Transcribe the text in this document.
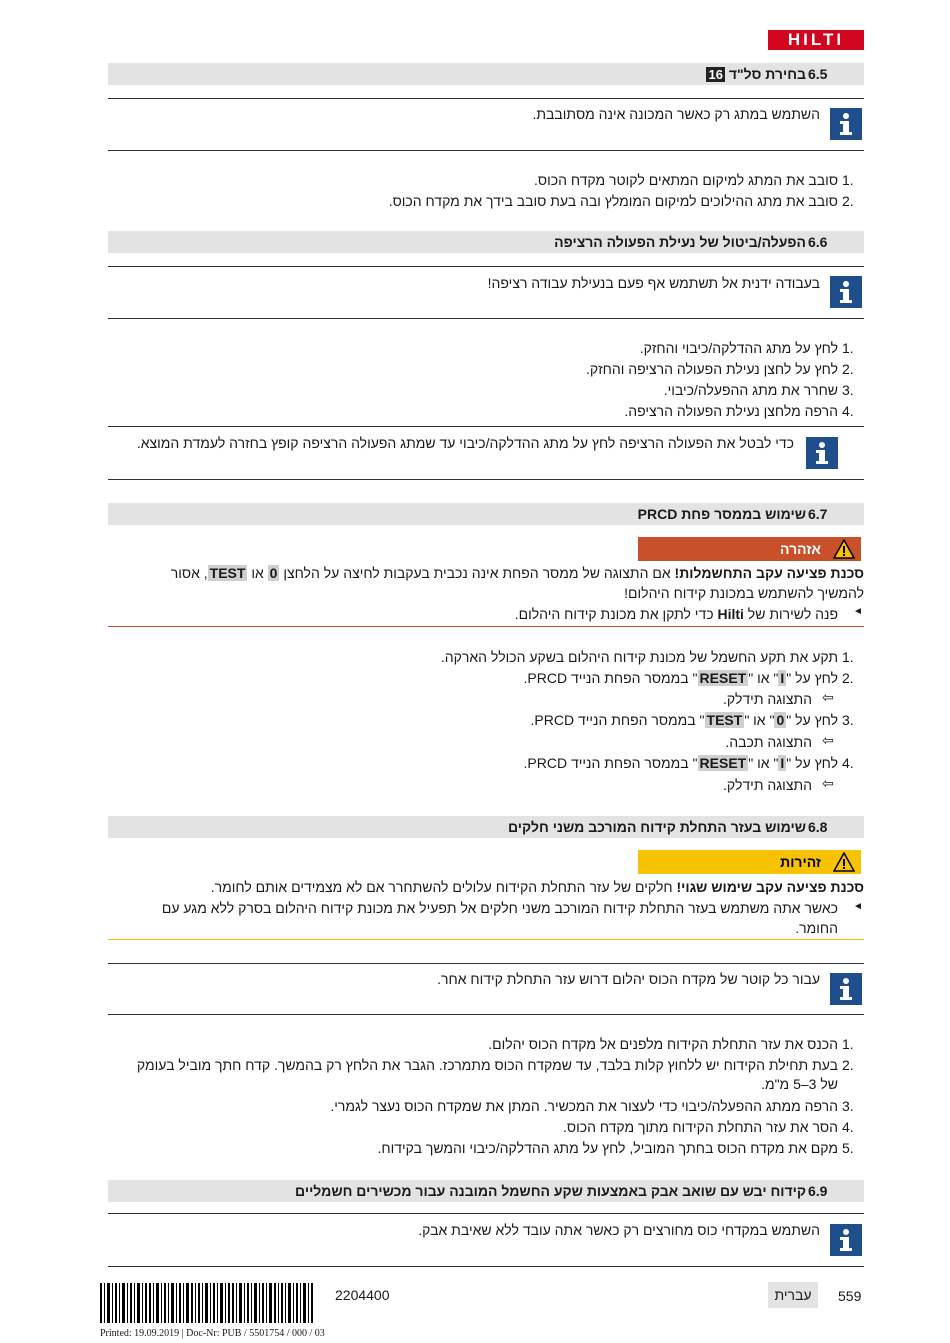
HILTI
6.5
בחירת סל"ד 16
השתמש במתג רק כאשר המכונה אינה מסתובבת.
1.
סובב את המתג למיקום המתאים לקוטר מקדח הכוס.
2.
סובב את מתג ההילוכים למיקום המומלץ ובה בעת סובב בידך את מקדח הכוס.
6.6
הפעלה/ביטול של נעילת הפעולה הרציפה
בעבודה ידנית אל תשתמש אף פעם בנעילת עבודה רציפה!
1.
לחץ על מתג ההדלקה/כיבוי והחזק.
2.
לחץ על לחצן נעילת הפעולה הרציפה והחזק.
3.
שחרר את מתג ההפעלה/כיבוי.
4.
הרפה מלחצן נעילת הפעולה הרציפה.
כדי לבטל את הפעולה הרציפה לחץ על מתג ההדלקה/כיבוי עד שמתג הפעולה הרציפה קופץ בחזרה לעמדת המוצא.
6.7
שימוש בממסר פחת PRCD
אזהרה
סכנת פציעה עקב התחשמלות! אם התצוגה של ממסר הפחת אינה נכבית בעקבות לחיצה על הלחצן 0 או TEST, אסור
להמשיך להשתמש במכונת קידוח היהלום!
◄
פנה לשירות של Hilti כדי לתקן את מכונת קידוח היהלום.
1.
תקע את תקע החשמל של מכונת קידוח היהלום בשקע הכולל הארקה.
2.
לחץ על "I" או "RESET" בממסר הפחת הנייד PRCD.
⇦
התצוגה תידלק.
3.
לחץ על "0" או "TEST" בממסר הפחת הנייד PRCD.
⇦
התצוגה תכבה.
4.
לחץ על "I" או "RESET" בממסר הפחת הנייד PRCD.
⇦
התצוגה תידלק.
6.8
שימוש בעזר התחלת קידוח המורכב משני חלקים
זהירות
סכנת פציעה עקב שימוש שגוי! חלקים של עזר התחלת הקידוח עלולים להשתחרר אם לא מצמידים אותם לחומר.
◄
כאשר אתה משתמש בעזר התחלת קידוח המורכב משני חלקים אל תפעיל את מכונת קידוח היהלום בסרק ללא מגע עם
החומר.
עבור כל קוטר של מקדח הכוס יהלום דרוש עזר התחלת קידוח אחר.
1.
הכנס את עזר התחלת הקידוח מלפנים אל מקדח הכוס יהלום.
2.
בעת תחילת הקידוח יש ללחוץ קלות בלבד, עד שמקדח הכוס מתמרכז. הגבר את הלחץ רק בהמשך. קדח חתך מוביל בעומק
של 3–5 מ"מ.
3.
הרפה ממתג ההפעלה/כיבוי כדי לעצור את המכשיר. המתן את שמקדח הכוס נעצר לגמרי.
4.
הסר את עזר התחלת הקידוח מתוך מקדח הכוס.
5.
מקם את מקדח הכוס בחתך המוביל, לחץ על מתג ההדלקה/כיבוי והמשך בקידוח.
6.9
קידוח יבש עם שואב אבק באמצעות שקע החשמל המובנה עבור מכשירים חשמליים
השתמש במקדחי כוס מחורצים רק כאשר אתה עובד ללא שאיבת אבק.
2204400
Printed: 19.09.2019 | Doc-Nr: PUB / 5501754 / 000 / 03
עברית	559
